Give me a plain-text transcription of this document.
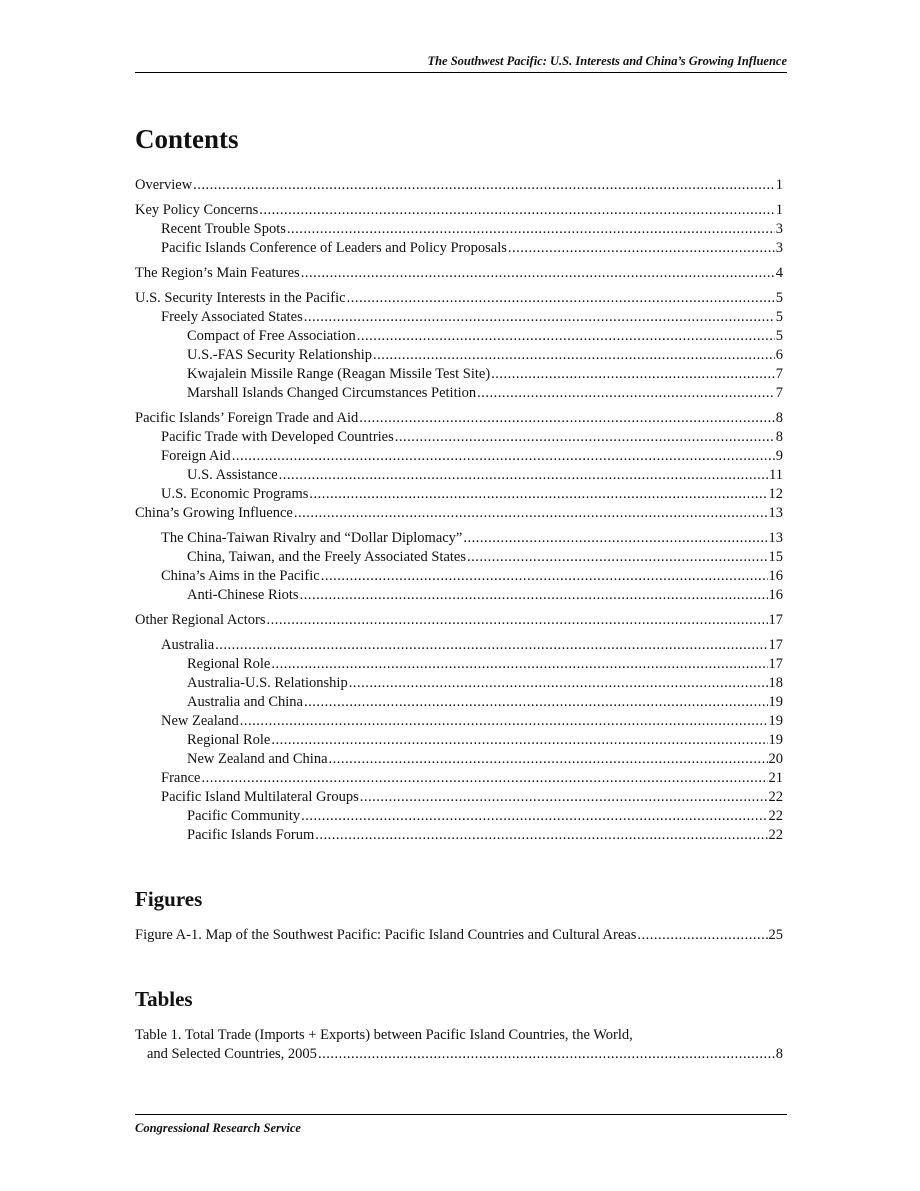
The Southwest Pacific: U.S. Interests and China’s Growing Influence
Contents
Overview .....	1
Key Policy Concerns .....	1
Recent Trouble Spots .....	3
Pacific Islands Conference of Leaders and Policy Proposals .....	3
The Region’s Main Features .....	4
U.S. Security Interests in the Pacific .....	5
Freely Associated States .....	5
Compact of Free Association .....	5
U.S.-FAS Security Relationship .....	6
Kwajalein Missile Range (Reagan Missile Test Site) .....	7
Marshall Islands Changed Circumstances Petition .....	7
Pacific Islands’ Foreign Trade and Aid .....	8
Pacific Trade with Developed Countries .....	8
Foreign Aid .....	9
U.S. Assistance .....	11
U.S. Economic Programs .....	12
China’s Growing Influence .....	13
The China-Taiwan Rivalry and “Dollar Diplomacy” .....	13
China, Taiwan, and the Freely Associated States .....	15
China’s Aims in the Pacific .....	16
Anti-Chinese Riots .....	16
Other Regional Actors .....	17
Australia .....	17
Regional Role .....	17
Australia-U.S. Relationship .....	18
Australia and China .....	19
New Zealand .....	19
Regional Role .....	19
New Zealand and China .....	20
France .....	21
Pacific Island Multilateral Groups .....	22
Pacific Community .....	22
Pacific Islands Forum .....	22
Figures
Figure A-1. Map of the Southwest Pacific: Pacific Island Countries and Cultural Areas .....	25
Tables
Table 1. Total Trade (Imports + Exports) between Pacific Island Countries, the World,
and Selected Countries, 2005 .....	8
Congressional Research Service
